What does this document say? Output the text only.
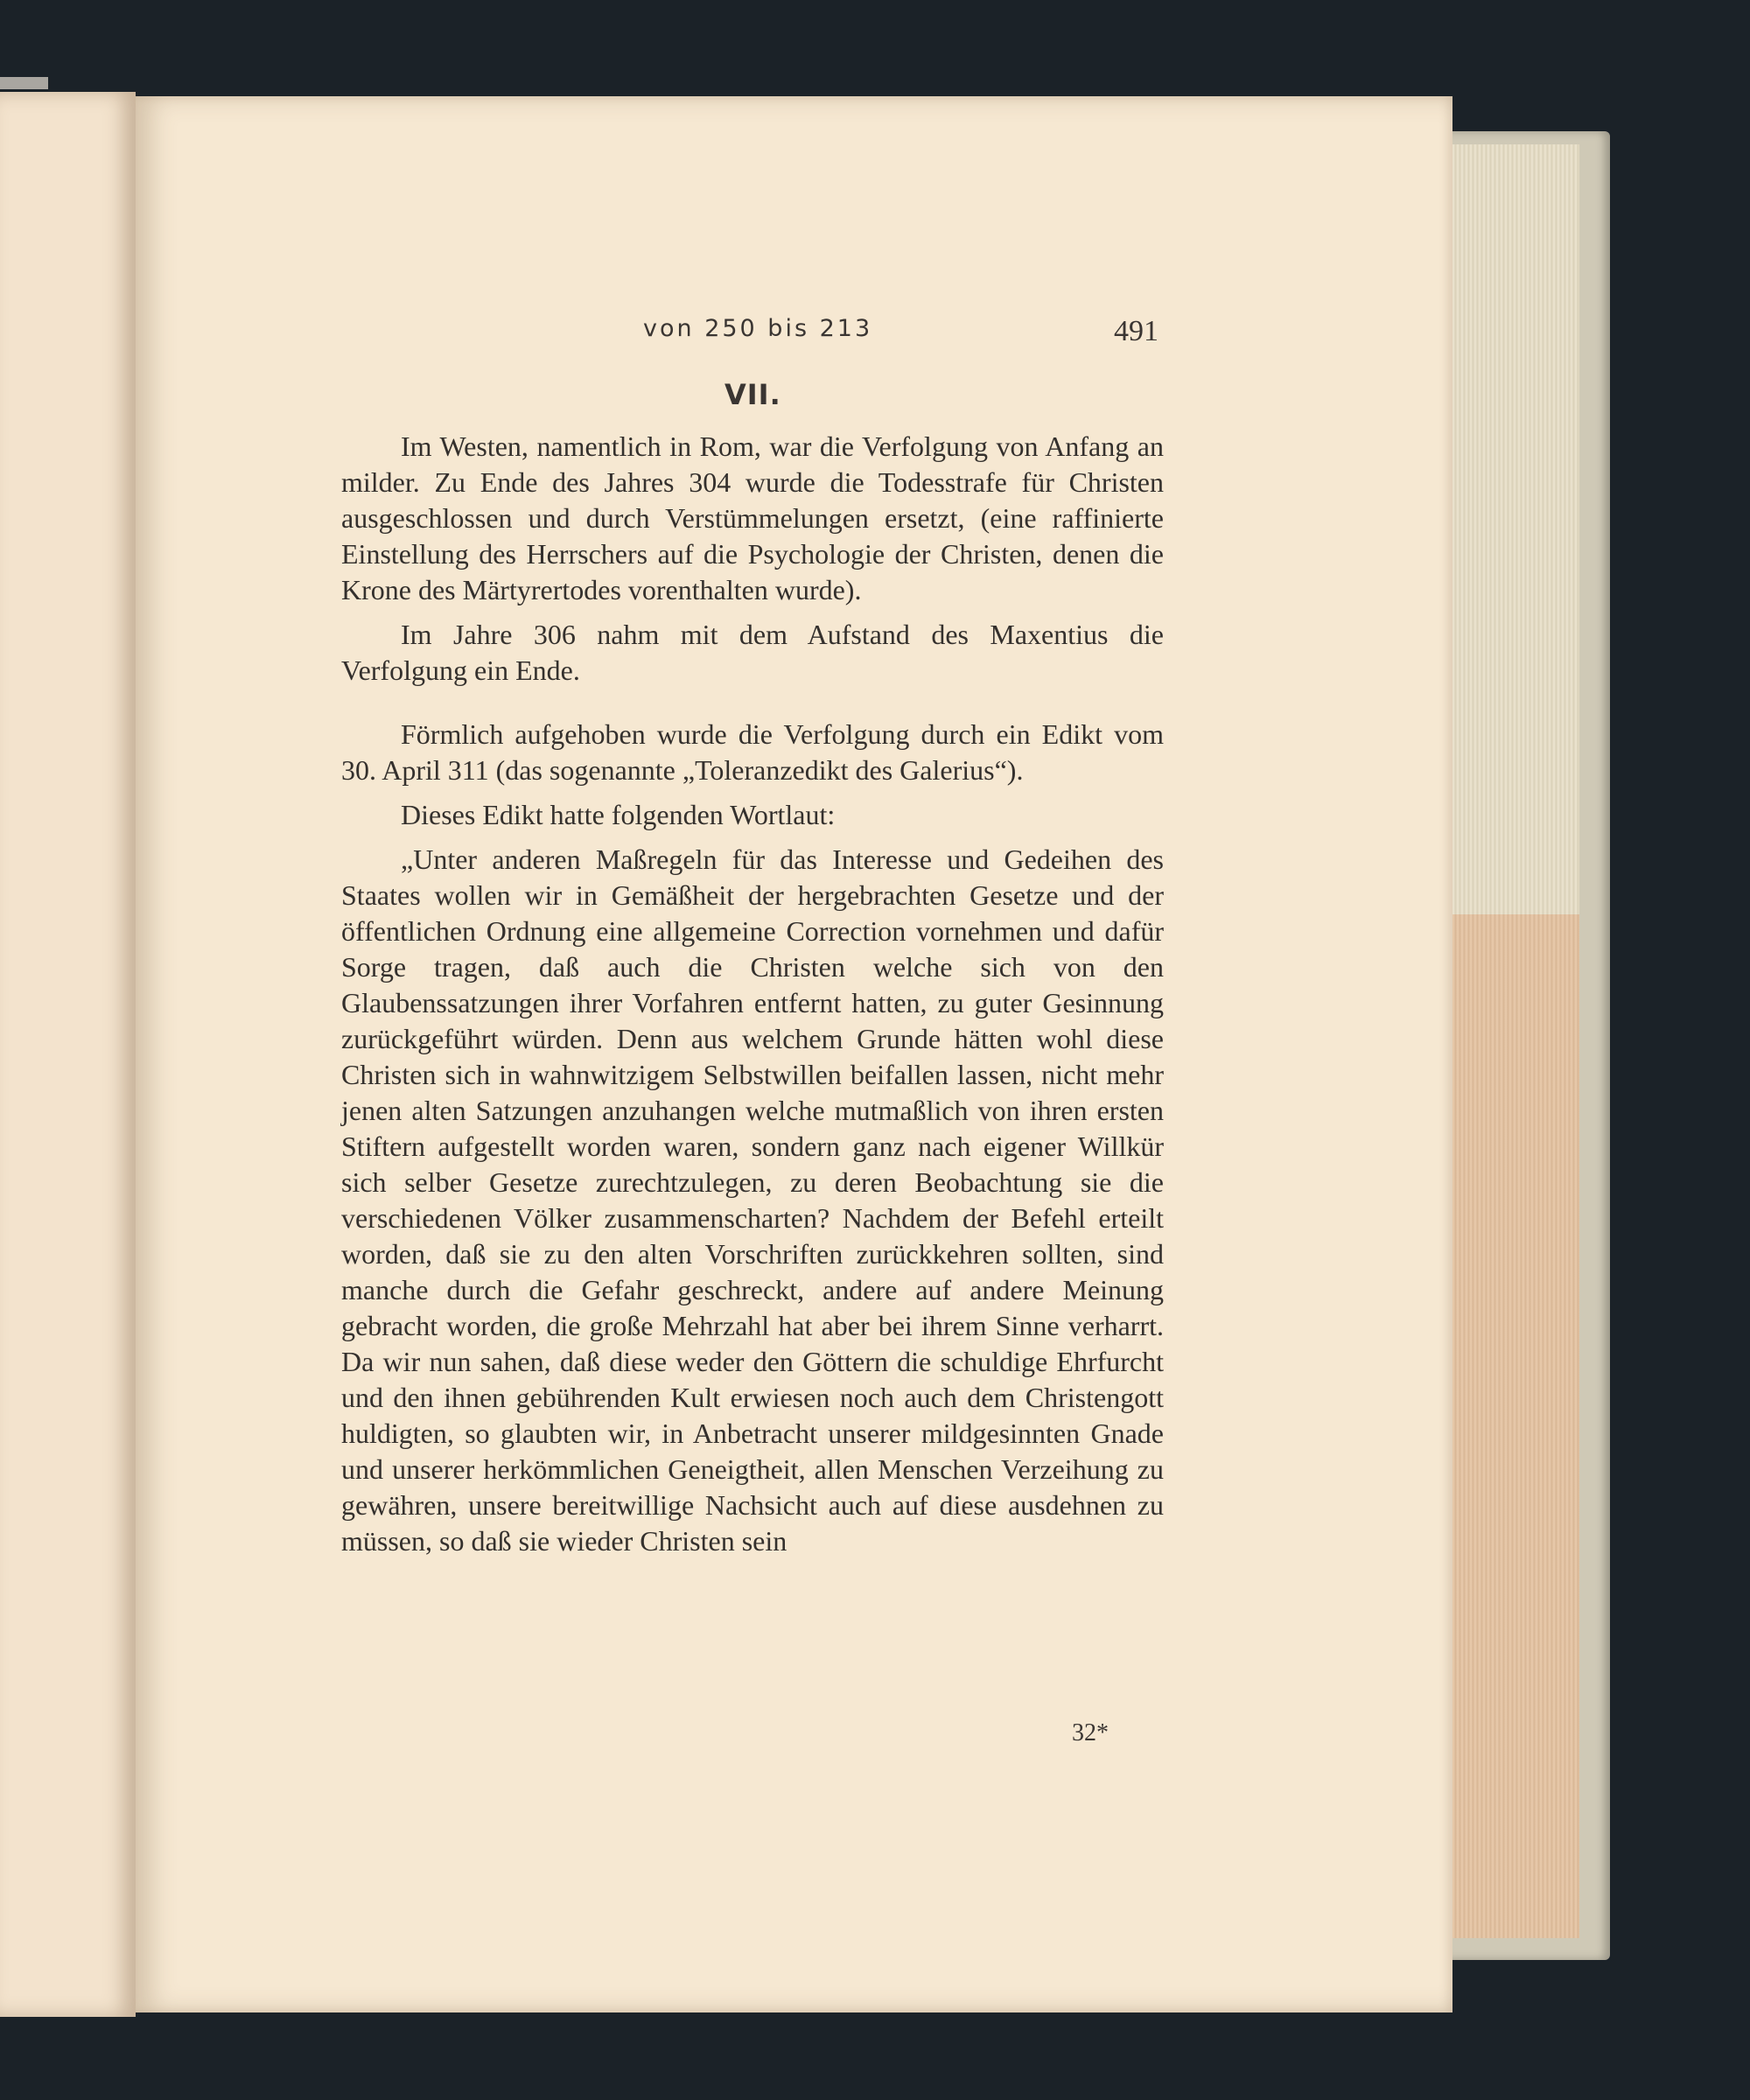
von 250 bis 213	491
VII.

Im Westen, namentlich in Rom, war die Verfolgung von Anfang an milder. Zu Ende des Jahres 304 wurde die Todesstrafe für Christen ausgeschlossen und durch Verstümmelungen ersetzt, (eine raffinierte Einstellung des Herrschers auf die Psychologie der Christen, denen die Krone des Märtyrertodes vorenthalten wurde).

Im Jahre 306 nahm mit dem Aufstand des Maxentius die Verfolgung ein Ende.

Förmlich aufgehoben wurde die Verfolgung durch ein Edikt vom 30. April 311 (das sogenannte „Toleranzedikt des Galerius“).

Dieses Edikt hatte folgenden Wortlaut:

„Unter anderen Maßregeln für das Interesse und Gedeihen des Staates wollen wir in Gemäßheit der hergebrachten Gesetze und der öffentlichen Ordnung eine allgemeine Correction vornehmen und dafür Sorge tragen, daß auch die Christen welche sich von den Glaubenssatzungen ihrer Vorfahren entfernt hatten, zu guter Gesinnung zurückgeführt würden. Denn aus welchem Grunde hätten wohl diese Christen sich in wahnwitzigem Selbstwillen beifallen lassen, nicht mehr jenen alten Satzungen anzuhangen welche mutmaßlich von ihren ersten Stiftern aufgestellt worden waren, sondern ganz nach eigener Willkür sich selber Gesetze zurechtzulegen, zu deren Beobachtung sie die verschiedenen Völker zusammenscharten? Nachdem der Befehl erteilt worden, daß sie zu den alten Vorschriften zurückkehren sollten, sind manche durch die Gefahr geschreckt, andere auf andere Meinung gebracht worden, die große Mehrzahl hat aber bei ihrem Sinne verharrt. Da wir nun sahen, daß diese weder den Göttern die schuldige Ehrfurcht und den ihnen gebührenden Kult erwiesen noch auch dem Christengott huldigten, so glaubten wir, in Anbetracht unserer mildgesinnten Gnade und unserer herkömmlichen Geneigtheit, allen Menschen Verzeihung zu gewähren, unsere bereitwillige Nachsicht auch auf diese ausdehnen zu müssen, so daß sie wieder Christen sein

32*
